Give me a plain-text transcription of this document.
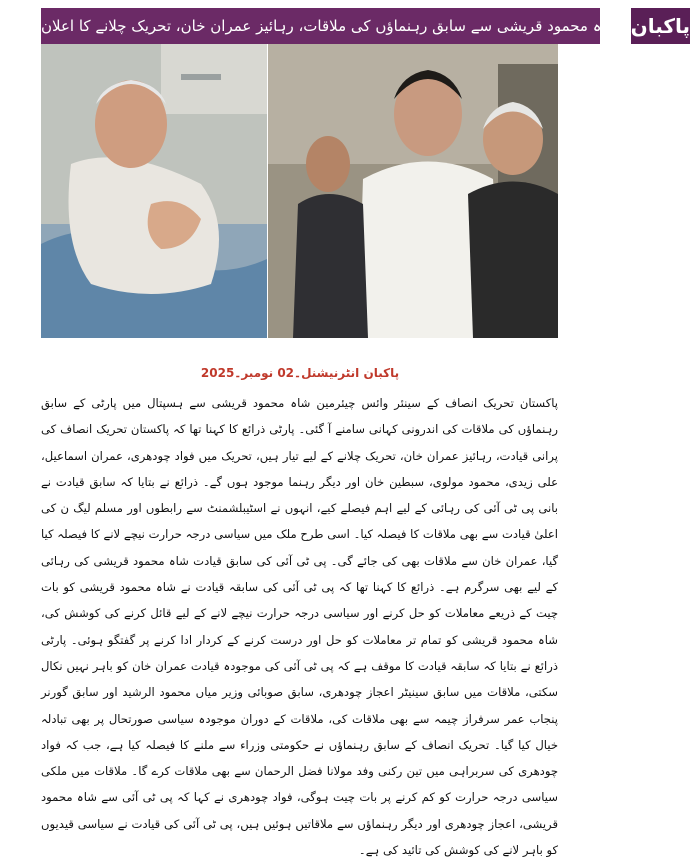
شاہ محمود قریشی سے سابق رہنماؤں کی ملاقات، رہائیز عمران خان، تحریک چلانے کا اعلان پاکبان
پاکبان انٹرنیشنل۔02 نومبر۔2025
پاکستان تحریک انصاف کے سینئر وائس چیئرمین شاہ محمود قریشی سے ہسپتال میں پارٹی کے سابق رہنماؤں کی ملاقات کی اندرونی کہانی سامنے آ گئی۔ پارٹی ذرائع کا کہنا تھا کہ پاکستان تحریک انصاف کی پرانی قیادت، رہائیز عمران خان، تحریک چلانے کے لیے تیار ہیں، تحریک میں فواد چودھری، عمران اسماعیل، علی زیدی، محمود مولوی، سبطین خان اور دیگر رہنما موجود ہوں گے۔ ذرائع نے بتایا کہ سابق قیادت نے بانی پی ٹی آئی کی رہائی کے لیے اہم فیصلے کیے، انہوں نے اسٹیبلشمنٹ سے رابطوں اور مسلم لیگ ن کی اعلیٰ قیادت سے بھی ملاقات کا فیصلہ کیا۔ اسی طرح ملک میں سیاسی درجہ حرارت نیچے لانے کا فیصلہ کیا گیا، عمران خان سے ملاقات بھی کی جائے گی۔ پی ٹی آئی کی سابق قیادت شاہ محمود قریشی کی رہائی کے لیے بھی سرگرم ہے۔ ذرائع کا کہنا تھا کہ پی ٹی آئی کی سابقہ قیادت نے شاہ محمود قریشی کو بات چیت کے ذریعے معاملات کو حل کرنے اور سیاسی درجہ حرارت نیچے لانے کے لیے قائل کرنے کی کوشش کی، شاہ محمود قریشی کو تمام تر معاملات کو حل اور درست کرنے کے کردار ادا کرنے پر گفتگو ہوئی۔ پارٹی ذرائع نے بتایا کہ سابقہ قیادت کا موقف ہے کہ پی ٹی آئی کی موجودہ قیادت عمران خان کو باہر نہیں نکال سکتی، ملاقات میں سابق سینیٹر اعجاز چودھری، سابق صوبائی وزیر میاں محمود الرشید اور سابق گورنر پنجاب عمر سرفراز چیمہ سے بھی ملاقات کی، ملاقات کے دوران موجودہ سیاسی صورتحال پر بھی تبادلہ خیال کیا گیا۔ تحریک انصاف کے سابق رہنماؤں نے حکومتی وزراء سے ملنے کا فیصلہ کیا ہے، جب کہ فواد چودھری کی سربراہی میں تین رکنی وفد مولانا فضل الرحمان سے بھی ملاقات کرے گا۔ ملاقات میں ملکی سیاسی درجہ حرارت کو کم کرنے پر بات چیت ہوگی، فواد چودھری نے کہا کہ پی ٹی آئی سے شاہ محمود قریشی، اعجاز چودھری اور دیگر رہنماؤں سے ملاقاتیں ہوئیں ہیں، پی ٹی آئی کی قیادت نے سیاسی قیدیوں کو باہر لانے کی کوشش کی تائید کی ہے۔
